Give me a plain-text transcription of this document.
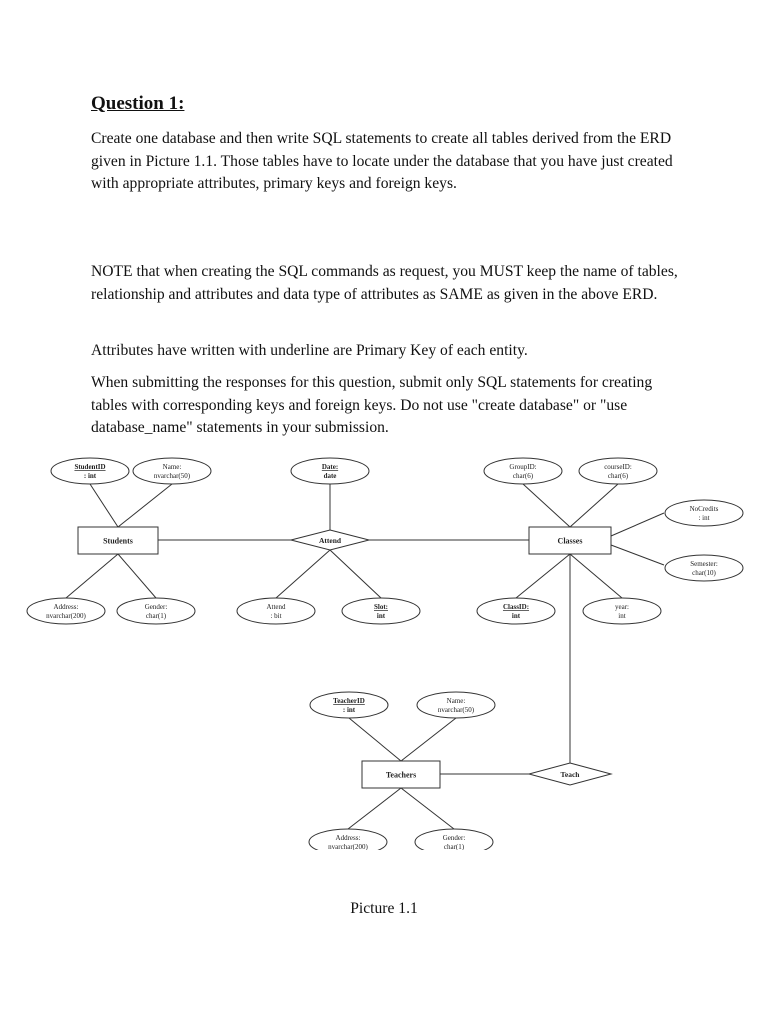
Question 1:

Create one database and then write SQL statements to create all tables derived from the ERD given in Picture 1.1. Those tables have to locate under the database that you have just created with appropriate attributes, primary keys and foreign keys.

NOTE that when creating the SQL commands as request, you MUST keep the name of tables, relationship and attributes and data type of attributes as SAME as given in the above ERD.

Attributes have written with underline are Primary Key of each entity.

When submitting the responses for this question, submit only SQL statements for creating tables with corresponding keys and foreign keys. Do not use "create database" or "use database_name" statements in your submission.

StudentID
: int
Name:
nvarchar(50)
Address:
nvarchar(200)
Gender:
char(1)
Date:
date
Attend
: bit
Slot:
int
GroupID:
char(6)
courseID:
char(6)
NoCredits
: int
Semester:
char(10)
ClassID:
int
year:
int
TeacherID
: int
Name:
nvarchar(50)
Address:
nvarchar(200)
Gender:
char(1)
Students	Classes
Teachers
Attend
Teach
Picture 1.1
